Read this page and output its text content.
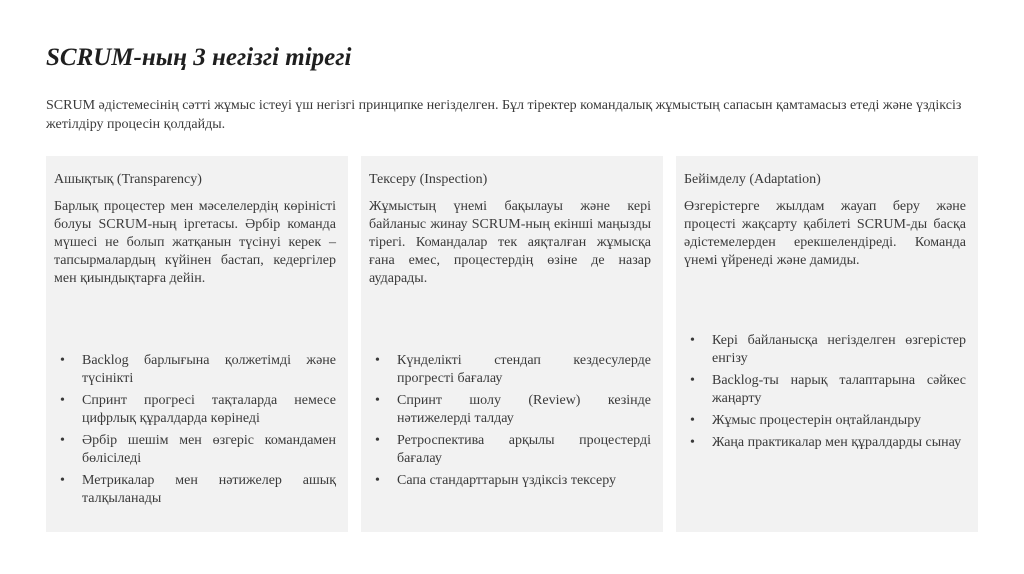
SCRUM-ның 3 негізгі тірегі

SCRUM әдістемесінің сәтті жұмыс істеуі үш негізгі принципке негізделген. Бұл тіректер командалық жұмыстың сапасын қамтамасыз етеді және үздіксіз жетілдіру процесін қолдайды.

Ашықтық (Transparency)

Барлық процестер мен мәселелердің көріністі болуы SCRUM-ның іргетасы. Әрбір команда мүшесі не болып жатқанын түсінуі керек – тапсырмалардың күйінен бастап, кедергілер мен қиындықтарға дейін.

• Backlog барлығына қолжетімді және түсінікті
• Спринт прогресі тақталарда немесе цифрлық құралдарда көрінеді
• Әрбір шешім мен өзгеріс командамен бөлісіледі
• Метрикалар мен нәтижелер ашық талқыланады

Тексеру (Inspection)

Жұмыстың үнемі бақылауы және кері байланыс жинау SCRUM-ның екінші маңызды тірегі. Командалар тек аяқталған жұмысқа ғана емес, процестердің өзіне де назар аударады.

• Күнделікті стендап кездесулерде прогресті бағалау
• Спринт шолу (Review) кезінде нәтижелерді талдау
• Ретроспектива арқылы процестерді бағалау
• Сапа стандарттарын үздіксіз тексеру

Бейімделу (Adaptation)

Өзгерістерге жылдам жауап беру және процесті жақсарту қабілеті SCRUM-ды басқа әдістемелерден ерекшелендіреді. Команда үнемі үйренеді және дамиды.

• Кері байланысқа негізделген өзгерістер енгізу
• Backlog-ты нарық талаптарына сәйкес жаңарту
• Жұмыс процестерін оңтайландыру
• Жаңа практикалар мен құралдарды сынау
